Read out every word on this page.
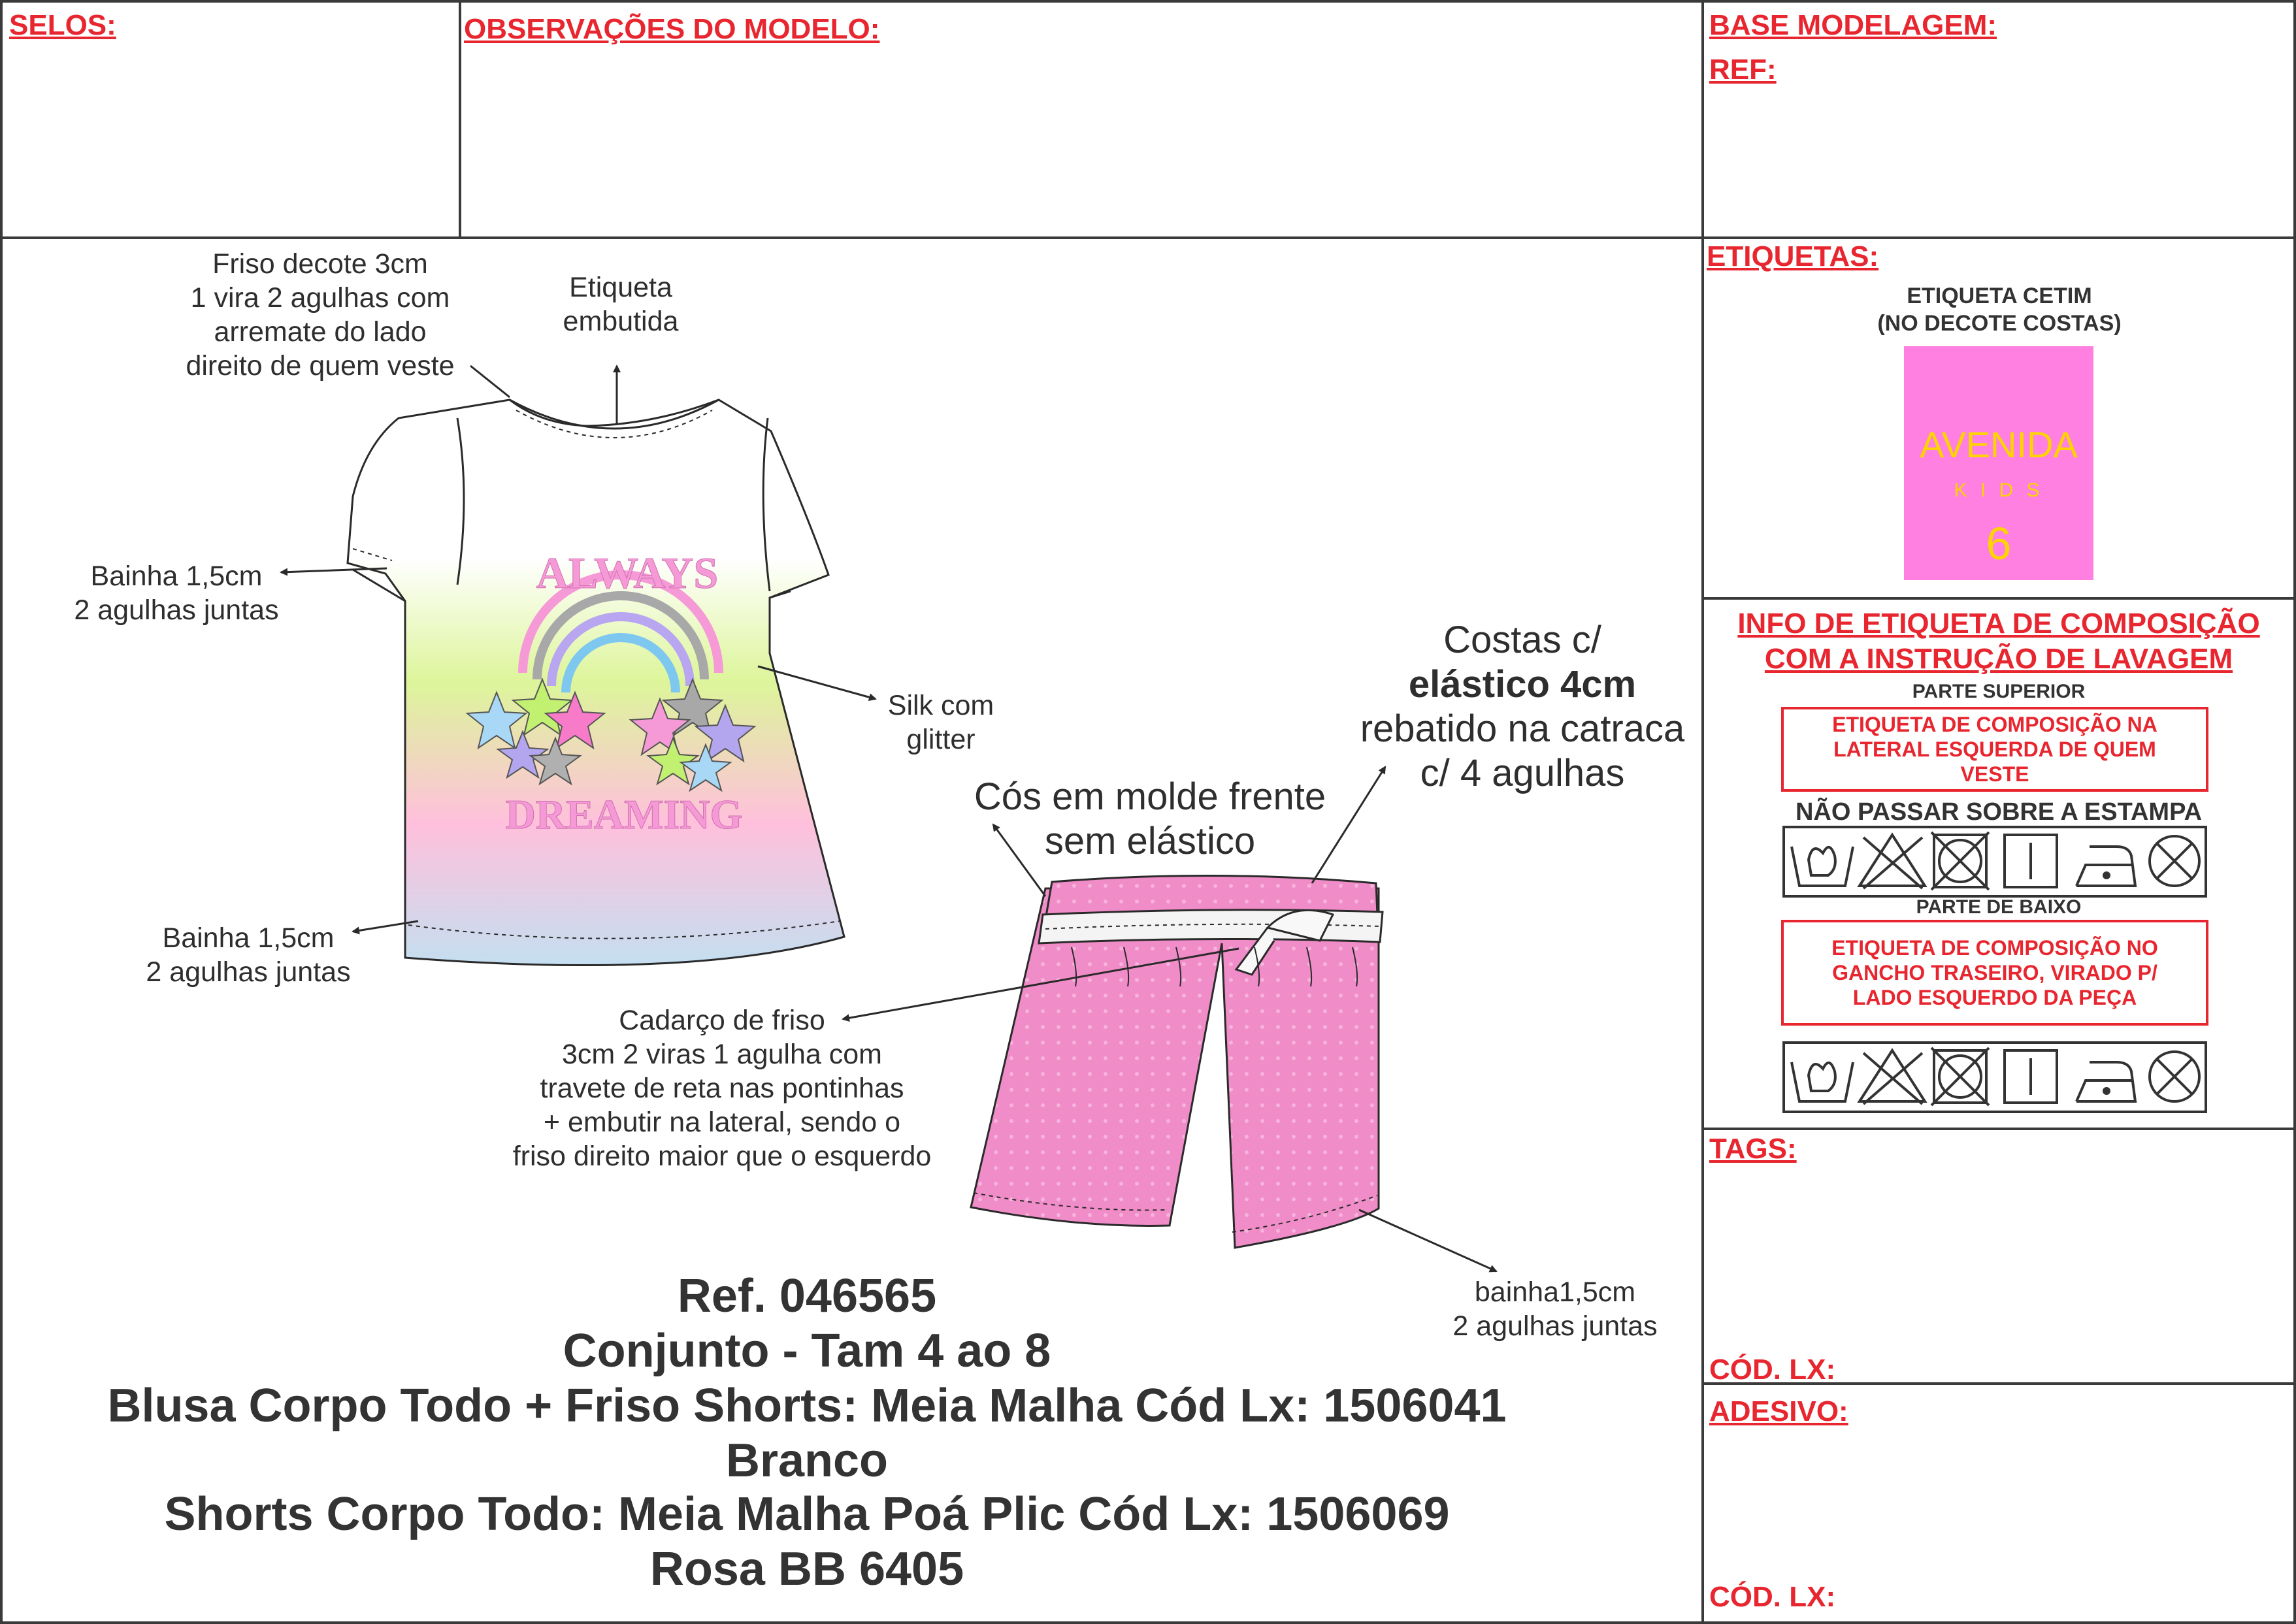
SELOS:	OBSERVAÇÕES DO MODELO:	BASE MODELAGEM:
REF:
ETIQUETAS:
TAGS:
CÓD. LX:
ADESIVO:
CÓD. LX:
ETIQUETA CETIM
(NO DECOTE COSTAS)
AVENIDA
K I D S
6
INFO DE ETIQUETA DE COMPOSIÇÃO
COM A INSTRUÇÃO DE LAVAGEM
PARTE SUPERIOR
ETIQUETA DE COMPOSIÇÃO NA LATERAL ESQUERDA DE QUEM VESTE
NÃO PASSAR SOBRE A ESTAMPA
PARTE DE BAIXO
ETIQUETA DE COMPOSIÇÃO NO GANCHO TRASEIRO, VIRADO P/ LADO ESQUERDO DA PEÇA
ALWAYS
DREAMING
Friso decote 3cm
1 vira 2 agulhas com
arremate do lado
direito de quem veste
Etiqueta
embutida
Bainha 1,5cm
2 agulhas juntas
Silk com
glitter
Bainha 1,5cm
2 agulhas juntas
Cadarço de friso
3cm 2 viras 1 agulha com
travete de reta nas pontinhas
+ embutir na lateral, sendo o
friso direito maior que o esquerdo
Cós em molde frente
sem elástico
Costas c/
elástico 4cm
rebatido na catraca
c/ 4 agulhas
bainha1,5cm
2 agulhas juntas
Ref. 046565
Conjunto - Tam 4 ao 8
Blusa Corpo Todo + Friso Shorts: Meia Malha Cód Lx: 1506041
Branco
Shorts Corpo Todo: Meia Malha Poá Plic Cód Lx: 1506069
Rosa BB 6405
